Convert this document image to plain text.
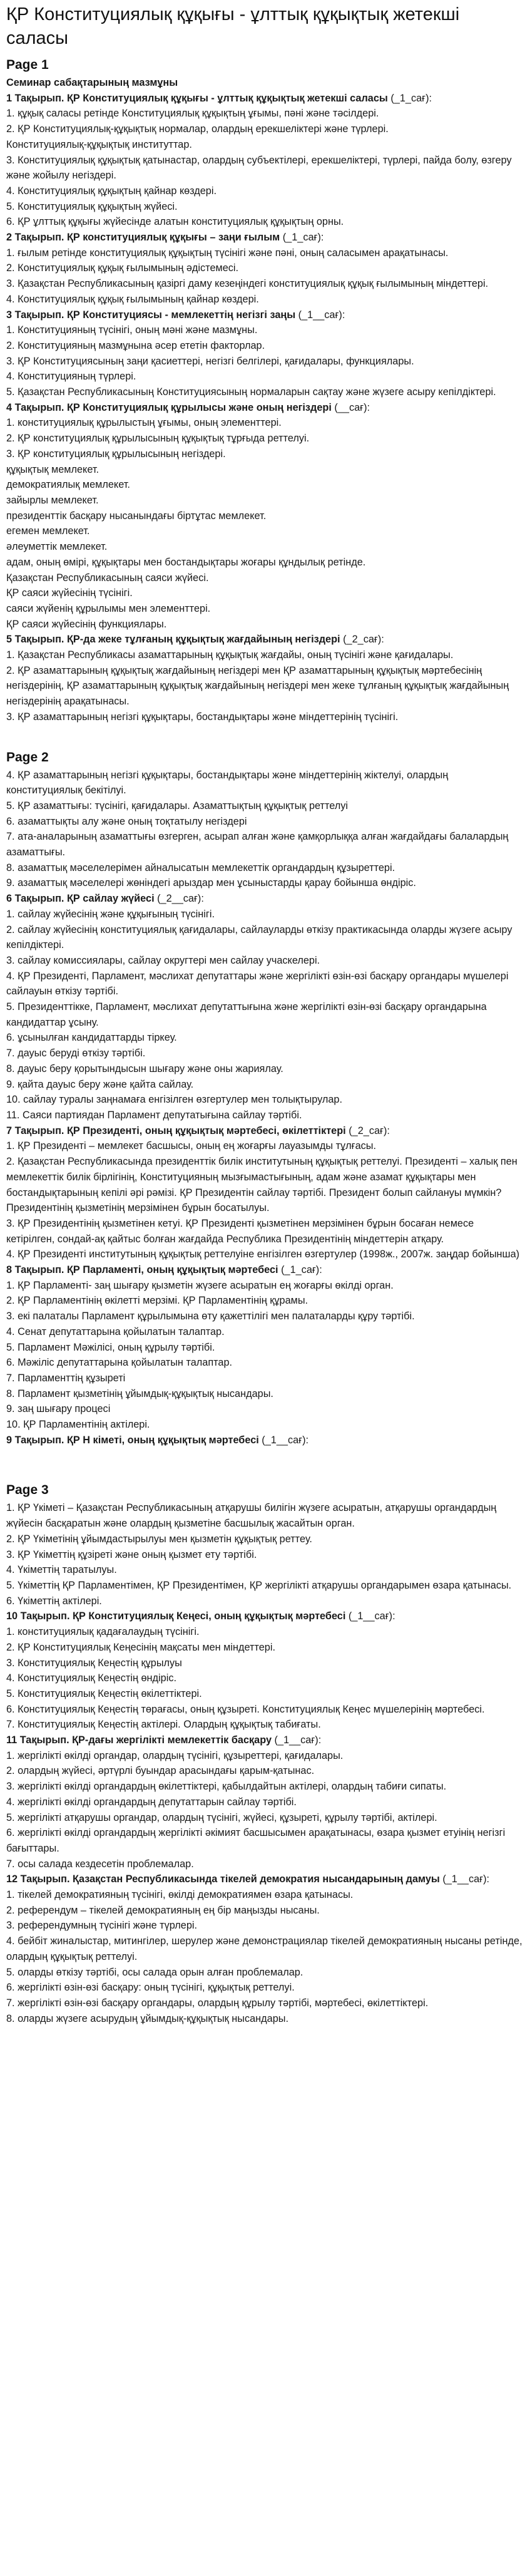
ҚР Конституциялық құқығы - ұлттық құқықтық жетекші саласы
Page 1

Семинар сабақтарының мазмұны

1 Тақырып. ҚР Конституциялық құқығы - ұлттық құқықтық жетекші саласы (_1_сағ):

1. құқық саласы ретінде Конституциялық құқықтың ұғымы, пәні және тәсілдері.

2. ҚР Конституциялық-құқықтық нормалар, олардың ерекшеліктері және түрлері.

Конституциялық-құқықтық институттар.

3. Конституциялық құқықтық қатынастар, олардың субъектілері, ерекшеліктері, түрлері, пайда болу, өзгеру және жойылу негіздері.

4. Конституциялық құқықтың қайнар көздері.

5. Конституциялық құқықтың жүйесі.

6. ҚР ұлттық құқығы жүйесінде алатын конституциялық құқықтың орны.

2 Тақырып. ҚР конституциялық құқығы – заңи ғылым (_1_сағ):

1. ғылым ретінде конституциялық құқықтың түсінігі және пәні, оның саласымен арақатынасы.

2. Конституциялық құқық ғылымының әдістемесі.

3. Қазақстан Республикасының қазіргі даму кезеңіндегі конституциялық құқық ғылымының міндеттері.

4. Конституциялық құқық ғылымының қайнар көздері.

3 Тақырып. ҚР Конституциясы - мемлекеттің негізгі заңы (_1__сағ):

1. Конституцияның түсінігі, оның мәні және мазмұны.

2. Конституцияның мазмұнына әсер ететін факторлар.

3. ҚР Конституциясының заңи қасиеттері, негізгі белгілері, қағидалары, функциялары.

4. Конституцияның түрлері.

5. Қазақстан Республикасының Конституциясының нормаларын сақтау және жүзеге асыру кепілдіктері.

4 Тақырып. ҚР Конституциялық құрылысы және оның негіздері (__сағ):

1. конституциялық құрылыстың ұғымы, оның элементтері.

2. ҚР конституциялық құрылысының құқықтық тұрғыда реттелуі.

3. ҚР конституциялық құрылысының негіздері.

құқықтық мемлекет.

демократиялық мемлекет.

зайырлы мемлекет.

президенттік басқару нысанындағы біртұтас мемлекет.

егемен мемлекет.

әлеуметтік мемлекет.

адам, оның өмірі, құқықтары мен бостандықтары жоғары құндылық ретінде.

Қазақстан Республикасының саяси жүйесі.

ҚР саяси жүйесінің түсінігі.

саяси жүйенің құрылымы мен элементтері.

ҚР саяси жүйесінің функциялары.

5 Тақырып. ҚР-да жеке тұлғаның құқықтық жағдайының негіздері (_2_сағ):

1. Қазақстан Республикасы азаматтарының құқықтық жағдайы, оның түсінігі және қағидалары.

2. ҚР азаматтарының құқықтық жағдайының негіздері мен ҚР азаматтарының құқықтық мәртебесінің негіздерінің, ҚР азаматтарының құқықтық жағдайының негіздері мен жеке тұлғаның құқықтық жағдайының негіздерінің арақатынасы.

3. ҚР азаматтарының негізгі құқықтары, бостандықтары және міндеттерінің түсінігі.

Page 2

4. ҚР азаматтарының негізгі құқықтары, бостандықтары және міндеттерінің жіктелуі, олардың конституциялық бекітілуі.

5. ҚР азаматтығы: түсінігі, қағидалары. Азаматтықтың құқықтық реттелуі

6. азаматтықты алу және оның тоқтатылу негіздері

7. ата-аналарының азаматтығы өзгерген, асырап алған және қамқорлыққа алған жағдайдағы балалардың азаматтығы.

8. азаматтық мәселелерімен айналысатын мемлекеттік органдардың құзыреттері.

9. азаматтық мәселелері жөніндегі арыздар мен ұсыныстарды қарау бойынша өндіріс.

6 Тақырып. ҚР сайлау жүйесі (_2__сағ):

1. сайлау жүйесінің және құқығының түсінігі.

2. сайлау жүйесінің конституциялық қағидалары, сайлауларды өткізу практикасында оларды жүзеге асыру кепілдіктері.

3. сайлау комиссиялары, сайлау округтері мен сайлау учаскелері.

4. ҚР Президенті, Парламент, мәслихат депутаттары және жергілікті өзін-өзі басқару органдары мүшелері сайлауын өткізу тәртібі.

5. Президенттікке, Парламент, мәслихат депутаттығына және жергілікті өзін-өзі басқару органдарына кандидаттар ұсыну.

6. ұсынылған кандидаттарды тіркеу.

7. дауыс беруді өткізу тәртібі.

8. дауыс беру қорытындысын шығару және оны жариялау.

9. қайта дауыс беру және қайта сайлау.

10. сайлау туралы заңнамаға енгізілген өзгертулер мен толықтырулар.

11. Саяси партиядан Парламент депутатығына сайлау тәртібі.

7 Тақырып. ҚР Президенті, оның құқықтық мәртебесі, өкілеттіктері (_2_сағ):

1. ҚР Президенті – мемлекет басшысы, оның ең жоғарғы лауазымды тұлғасы.

2. Қазақстан Республикасында президенттік билік институтының құқықтық реттелуі. Президенті – халық пен мемлекеттік билік бірлігінің, Конституцияның мызғымастығының, адам және азамат құқықтары мен бостандықтарының кепілі әрі рәмізі. ҚР Президентін сайлау тәртібі. Президент болып сайлануы мүмкін? Президентінің қызметінің мерзімінен бұрын босатылуы.

3. ҚР Президентінің қызметінен кетуі. ҚР Президенті қызметінен мерзімінен бұрын босаған немесе кетірілген, сондай-ақ қайтыс болған жағдайда Республика Президентінің міндеттерін атқару.

4. ҚР Президенті институтының құқықтық реттелуіне енгізілген өзгертулер (1998ж., 2007ж. заңдар бойынша)

8 Тақырып. ҚР Парламенті, оның құқықтық мәртебесі (_1_сағ):

1. ҚР Парламенті- заң шығару қызметін жүзеге асыратын ең жоғарғы өкілді орган.

2. ҚР Парламентінің өкілетті мерзімі. ҚР Парламентінің құрамы.

3. екі палаталы Парламент құрылымына өту қажеттілігі мен палаталарды құру тәртібі.

4. Сенат депутаттарына қойылатын талаптар.

5. Парламент Мәжілісі, оның құрылу тәртібі.

6. Мәжіліс депутаттарына қойылатын талаптар.

7. Парламенттің құзыреті

8. Парламент қызметінің ұйымдық-құқықтық нысандары.

9. заң шығару процесі

10. ҚР Парламентінің актілері.

9 Тақырып. ҚР Н кіметі, оның құқықтық мәртебесі (_1__сағ):

Page 3

1. ҚР Үкіметі – Қазақстан Республикасының атқарушы билігін жүзеге асыратын, атқарушы органдардың жүйесін басқаратын және олардың қызметіне басшылық жасайтын орган.

2. ҚР Үкіметінің ұйымдастырылуы мен қызметін құқықтық реттеу.

3. ҚР Үкіметтің құзіреті және оның қызмет ету тәртібі.

4. Үкіметтің таратылуы.

5. Үкіметтің ҚР Парламентімен, ҚР Президентімен, ҚР жергілікті атқарушы органдарымен өзара қатынасы.

6. Үкіметтің актілері.

10 Тақырып. ҚР Конституциялық Кеңесі, оның құқықтық мәртебесі (_1__сағ):

1. конституциялық қадағалаудың түсінігі.

2. ҚР Конституциялық Кеңесінің мақсаты мен міндеттері.

3. Конституциялық Кеңестің құрылуы

4. Конституциялық Кеңестің өндіріс.

5. Конституциялық Кеңестің өкілеттіктері.

6. Конституциялық Кеңестің төрағасы, оның құзыреті. Конституциялық Кеңес мүшелерінің мәртебесі.

7. Конституциялық Кеңестің актілері. Олардың құқықтық табиғаты.

11 Тақырып. ҚР-дағы жергілікті мемлекеттік басқару (_1__сағ):

1. жергілікті өкілді органдар, олардың түсінігі, құзыреттері, қағидалары.

2. олардың жүйесі, әртүрлі буындар арасындағы қарым-қатынас.

3. жергілікті өкілді органдардың өкілеттіктері, қабылдайтын актілері, олардың табиғи сипаты.

4. жергілікті өкілді органдардың депутаттарын сайлау тәртібі.

5. жергілікті атқарушы органдар, олардың түсінігі, жүйесі, құзыреті, құрылу тәртібі, актілері.

6. жергілікті өкілді органдардың жергілікті әкімият басшысымен арақатынасы, өзара қызмет етуінің негізгі бағыттары.

7. осы салада кездесетін проблемалар.

12 Тақырып. Қазақстан Республикасында тікелей демократия нысандарының дамуы (_1__сағ):

1. тікелей демократияның түсінігі, өкілді демократиямен өзара қатынасы.

2. референдум – тікелей демократияның ең бір маңызды нысаны.

3. референдумның түсінігі және түрлері.

4. бейбіт жиналыстар, митингілер, шерулер және демонстрациялар тікелей демократияның нысаны ретінде, олардың құқықтық реттелуі.

5. оларды өткізу тәртібі, осы салада орын алған проблемалар.

6. жергілікті өзін-өзі басқару: оның түсінігі, құқықтық реттелуі.

7. жергілікті өзін-өзі басқару органдары, олардың құрылу тәртібі, мәртебесі, өкілеттіктері.

8. оларды жүзеге асырудың ұйымдық-құқықтық нысандары.
